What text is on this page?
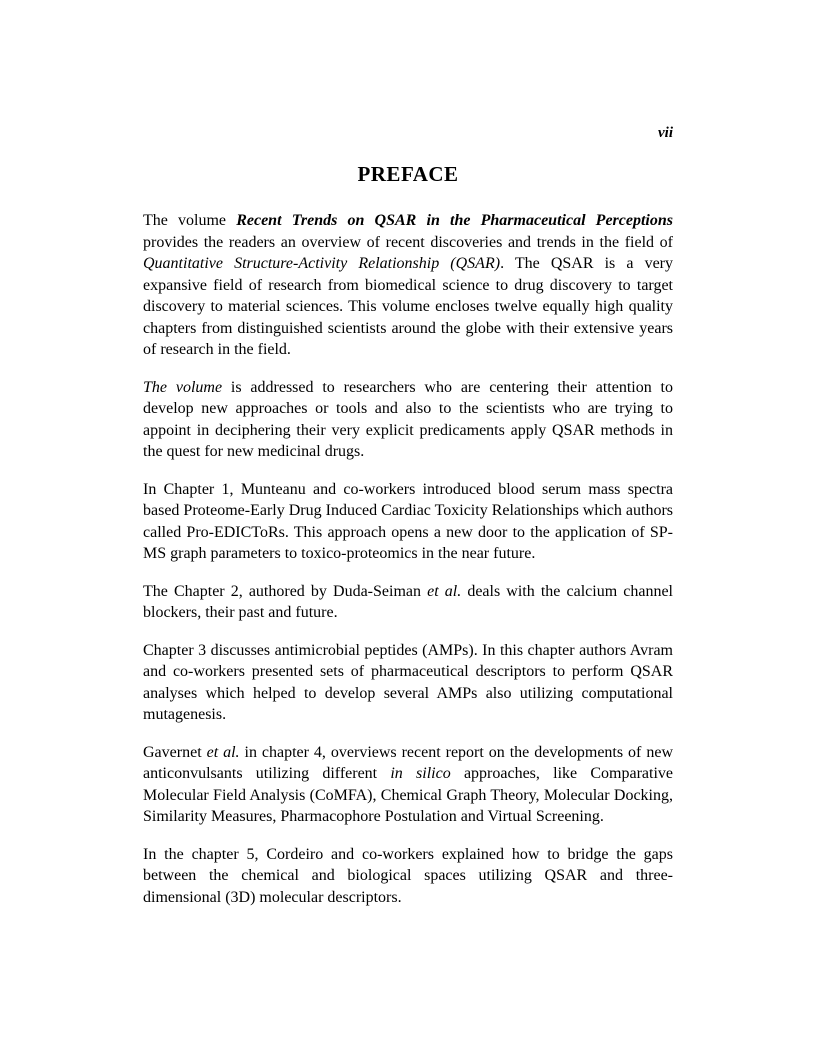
vii
PREFACE

The volume Recent Trends on QSAR in the Pharmaceutical Perceptions provides the readers an overview of recent discoveries and trends in the field of Quantitative Structure-Activity Relationship (QSAR). The QSAR is a very expansive field of research from biomedical science to drug discovery to target discovery to material sciences. This volume encloses twelve equally high quality chapters from distinguished scientists around the globe with their extensive years of research in the field.

The volume is addressed to researchers who are centering their attention to develop new approaches or tools and also to the scientists who are trying to appoint in deciphering their very explicit predicaments apply QSAR methods in the quest for new medicinal drugs.

In Chapter 1, Munteanu and co-workers introduced blood serum mass spectra based Proteome-Early Drug Induced Cardiac Toxicity Relationships which authors called Pro-EDICToRs. This approach opens a new door to the application of SP-MS graph parameters to toxico-proteomics in the near future.

The Chapter 2, authored by Duda-Seiman et al. deals with the calcium channel blockers, their past and future.

Chapter 3 discusses antimicrobial peptides (AMPs). In this chapter authors Avram and co-workers presented sets of pharmaceutical descriptors to perform QSAR analyses which helped to develop several AMPs also utilizing computational mutagenesis.

Gavernet et al. in chapter 4, overviews recent report on the developments of new anticonvulsants utilizing different in silico approaches, like Comparative Molecular Field Analysis (CoMFA), Chemical Graph Theory, Molecular Docking, Similarity Measures, Pharmacophore Postulation and Virtual Screening.

In the chapter 5, Cordeiro and co-workers explained how to bridge the gaps between the chemical and biological spaces utilizing QSAR and three-dimensional (3D) molecular descriptors.
